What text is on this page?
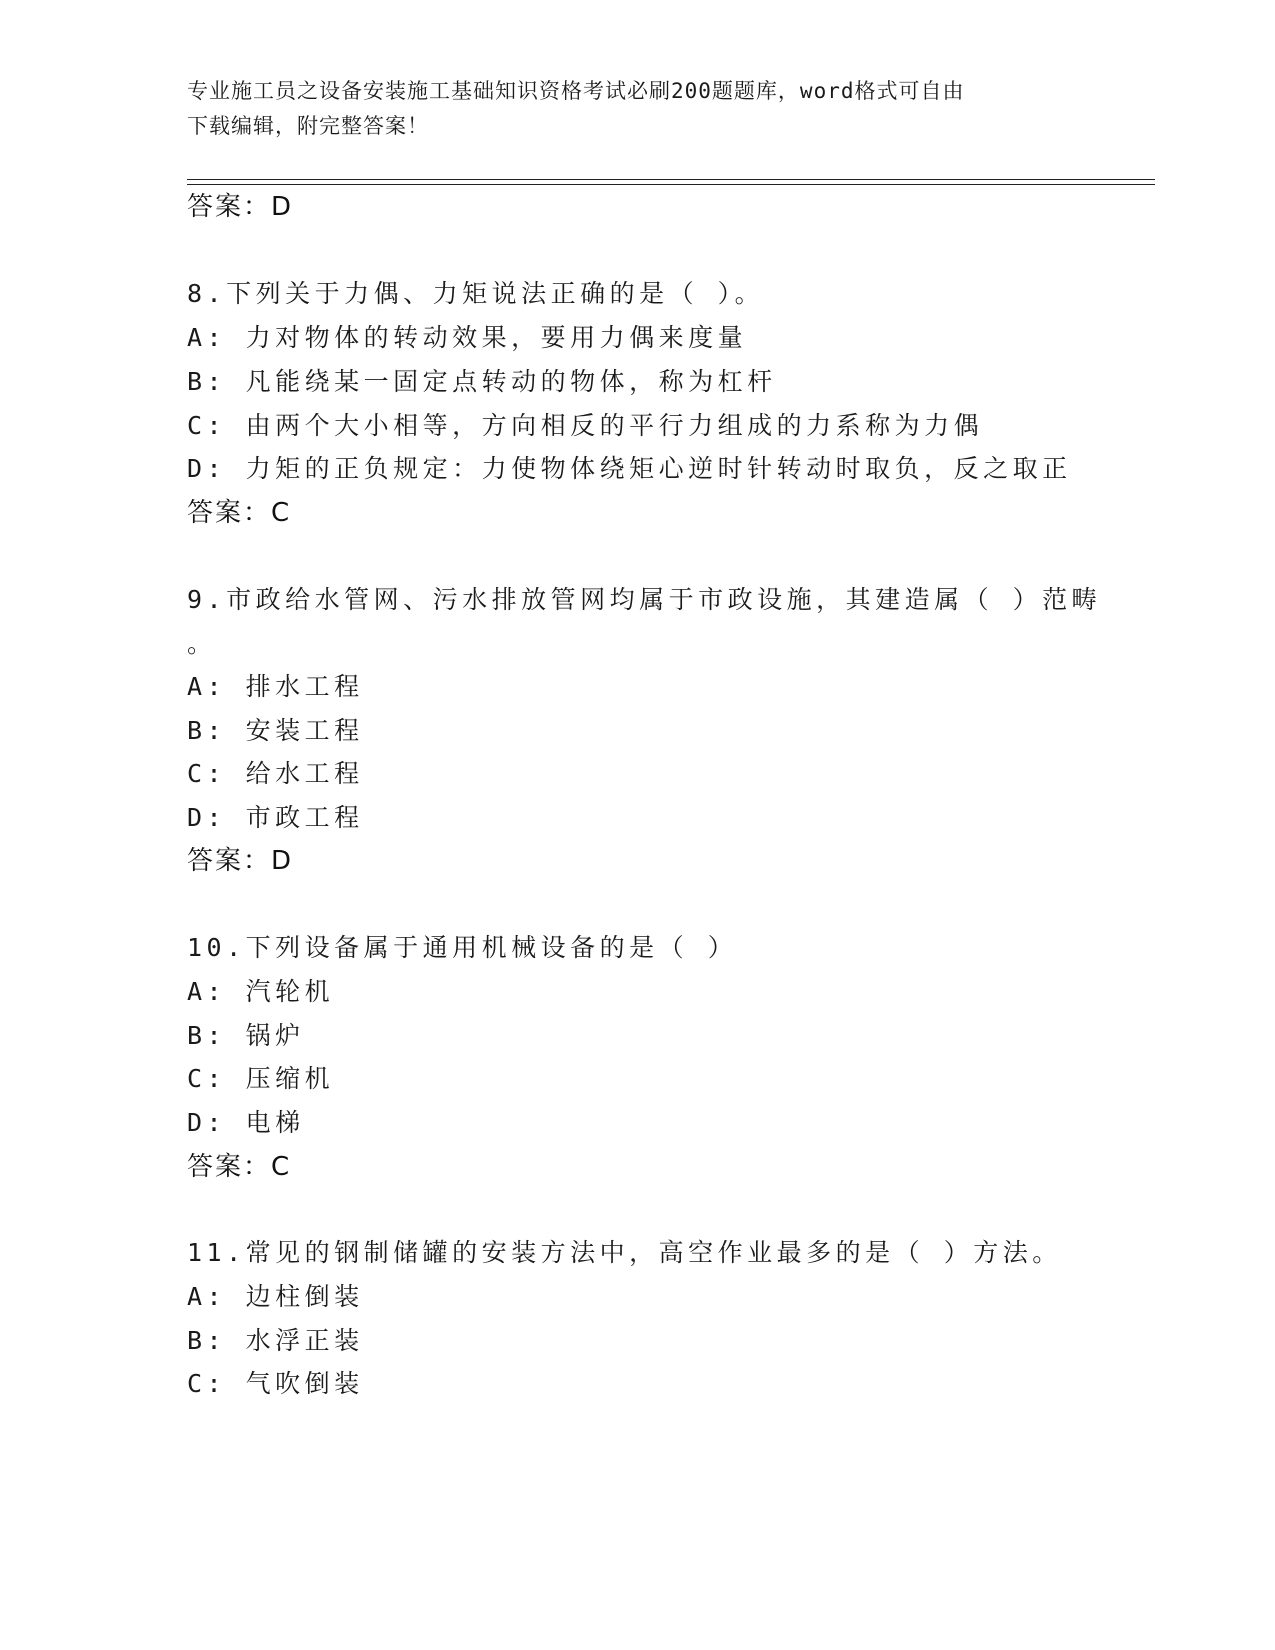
专业施工员之设备安装施工基础知识资格考试必刷200题题库，word格式可自由
下载编辑，附完整答案！
答案：D
8.下列关于力偶、力矩说法正确的是（ ）。
A: 力对物体的转动效果，要用力偶来度量
B: 凡能绕某一固定点转动的物体，称为杠杆
C: 由两个大小相等，方向相反的平行力组成的力系称为力偶
D: 力矩的正负规定：力使物体绕矩心逆时针转动时取负，反之取正
答案：C
9.市政给水管网、污水排放管网均属于市政设施，其建造属（ ）范畴
。
A: 排水工程
B: 安装工程
C: 给水工程
D: 市政工程
答案：D
10.下列设备属于通用机械设备的是（ ）
A: 汽轮机
B: 锅炉
C: 压缩机
D: 电梯
答案：C
11.常见的钢制储罐的安装方法中，高空作业最多的是（ ）方法。
A: 边柱倒装
B: 水浮正装
C: 气吹倒装
